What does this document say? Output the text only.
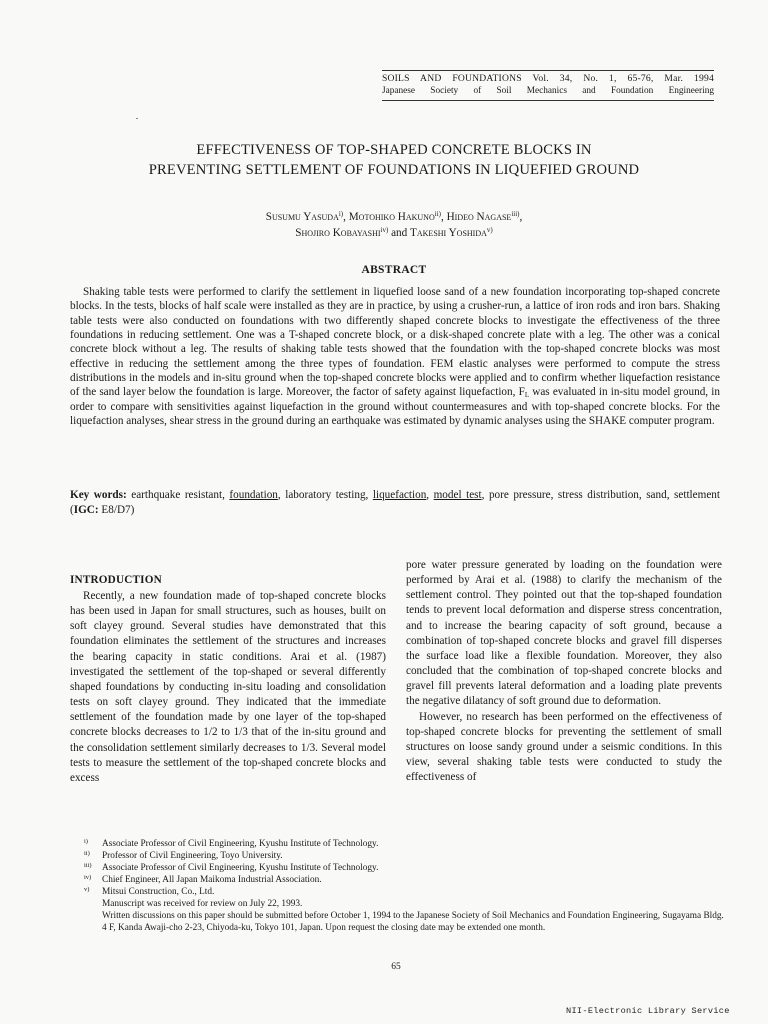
SOILS AND FOUNDATIONS Vol. 34, No. 1, 65-76, Mar. 1994
Japanese Society of Soil Mechanics and Foundation Engineering
EFFECTIVENESS OF TOP-SHAPED CONCRETE BLOCKS IN
PREVENTING SETTLEMENT OF FOUNDATIONS IN LIQUEFIED GROUND
Susumu Yasuda$^{i)}$, Motohiko Hakuno$^{ii)}$, Hideo Nagase$^{iii)}$,
Shojiro Kobayashi$^{iv)}$ and Takeshi Yoshida$^{v)}$
ABSTRACT

Shaking table tests were performed to clarify the settlement in liquefied loose sand of a new foundation incorporating top-shaped concrete blocks. In the tests, blocks of half scale were installed as they are in practice, by using a crusher-run, a lattice of iron rods and iron bars. Shaking table tests were also conducted on foundations with two differently shaped concrete blocks to investigate the effectiveness of the three foundations in reducing settlement. One was a T-shaped concrete block, or a disk-shaped concrete plate with a leg. The other was a conical concrete block without a leg. The results of shaking table tests showed that the foundation with the top-shaped concrete blocks was most effective in reducing the settlement among the three types of foundation. FEM elastic analyses were performed to compute the stress distributions in the models and in-situ ground when the top-shaped concrete blocks were applied and to confirm whether liquefaction resistance of the sand layer below the foundation is large. Moreover, the factor of safety against liquefaction, $F_L$ was evaluated in in-situ model ground, in order to compare with sensitivities against liquefaction in the ground without countermeasures and with top-shaped concrete blocks. For the liquefaction analyses, shear stress in the ground during an earthquake was estimated by dynamic analyses using the SHAKE computer program.

Key words: earthquake resistant, foundation, laboratory testing, liquefaction, model test, pore pressure, stress distribution, sand, settlement (IGC: E8/D7)
INTRODUCTION

Recently, a new foundation made of top-shaped concrete blocks has been used in Japan for small structures, such as houses, built on soft clayey ground. Several studies have demonstrated that this foundation eliminates the settlement of the structures and increases the bearing capacity in static conditions. Arai et al. (1987) investigated the settlement of the top-shaped or several differently shaped foundations by conducting in-situ loading and consolidation tests on soft clayey ground. They indicated that the immediate settlement of the foundation made by one layer of the top-shaped concrete blocks decreases to 1/2 to 1/3 that of the in-situ ground and the consolidation settlement similarly decreases to 1/3. Several model tests to measure the settlement of the top-shaped concrete blocks and excess

pore water pressure generated by loading on the foundation were performed by Arai et al. (1988) to clarify the mechanism of the settlement control. They pointed out that the top-shaped foundation tends to prevent local deformation and disperse stress concentration, and to increase the bearing capacity of soft ground, because a combination of top-shaped concrete blocks and gravel fill disperses the surface load like a flexible foundation. Moreover, they also concluded that the combination of top-shaped concrete blocks and gravel fill prevents lateral deformation and a loading plate prevents the negative dilatancy of soft ground due to deformation.

However, no research has been performed on the effectiveness of top-shaped concrete blocks for preventing the settlement of small structures on loose sandy ground under a seismic conditions. In this view, several shaking table tests were conducted to study the effectiveness of

i) Associate Professor of Civil Engineering, Kyushu Institute of Technology.
ii) Professor of Civil Engineering, Toyo University.
iii) Associate Professor of Civil Engineering, Kyushu Institute of Technology.
iv) Chief Engineer, All Japan Maikoma Industrial Association.
v) Mitsui Construction, Co., Ltd.
Manuscript was received for review on July 22, 1993.
Written discussions on this paper should be submitted before October 1, 1994 to the Japanese Society of Soil Mechanics and Foundation Engineering, Sugayama Bldg. 4 F, Kanda Awaji-cho 2-23, Chiyoda-ku, Tokyo 101, Japan. Upon request the closing date may be extended one month.
65
NII-Electronic Library Service
